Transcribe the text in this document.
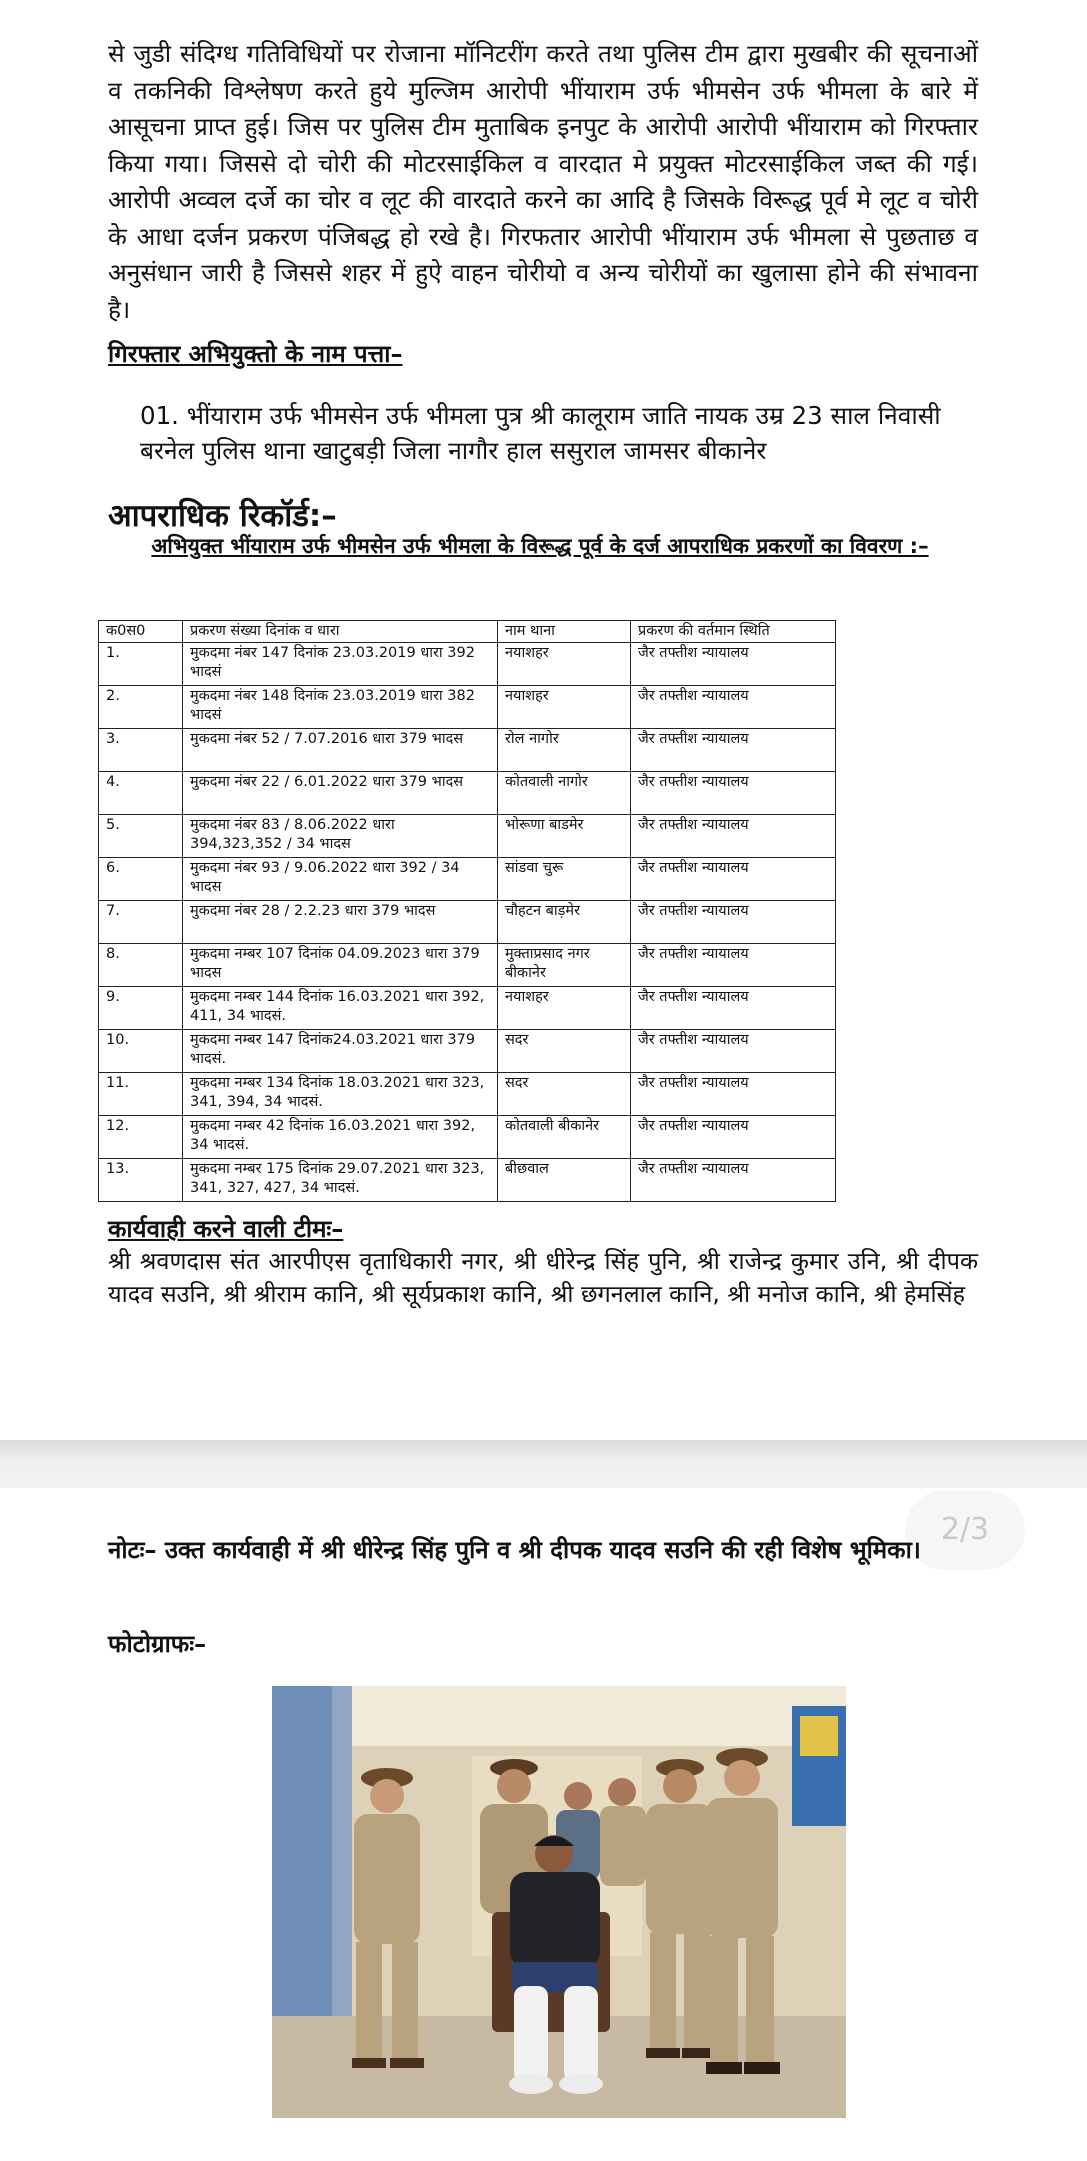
से जुडी संदिग्ध गतिविधियों पर रोजाना मॉनिटरींग करते तथा पुलिस टीम द्वारा मुखबीर की सूचनाओं व तकनिकी विश्लेषण करते हुये मुल्जिम आरोपी भींयाराम उर्फ भीमसेन उर्फ भीमला के बारे में आसूचना प्राप्त हुई। जिस पर पुलिस टीम मुताबिक इनपुट के आरोपी आरोपी भींयाराम को गिरफ्तार किया गया। जिससे दो चोरी की मोटरसाईकिल व वारदात मे प्रयुक्त मोटरसाईकिल जब्त की गई। आरोपी अव्वल दर्जे का चोर व लूट की वारदाते करने का आदि है जिसके विरूद्ध पूर्व मे लूट व चोरी के आधा दर्जन प्रकरण पंजिबद्ध हो रखे है। गिरफतार आरोपी भींयाराम उर्फ भीमला से पुछताछ व अनुसंधान जारी है जिससे शहर में हुऐ वाहन चोरीयो व अन्य चोरीयों का खुलासा होने की संभावना है।
गिरफ्तार अभियुक्तो के नाम पत्ता–
01. भींयाराम उर्फ भीमसेन उर्फ भीमला पुत्र श्री कालूराम जाति नायक उम्र 23 साल निवासी बरनेल पुलिस थाना खाटुबड़ी जिला नागौर हाल ससुराल जामसर बीकानेर
आपराधिक रिकॉर्ड:–
अभियुक्त भींयाराम उर्फ भीमसेन उर्फ भीमला के विरूद्ध पूर्व के दर्ज आपराधिक प्रकरणों का विवरण :–
क0स0	प्रकरण संख्या दिनांक व धारा	नाम थाना	प्रकरण की वर्तमान स्थिति
1.	मुकदमा नंबर 147 दिनांक 23.03.2019 धारा 392 भादसं	नयाशहर	जैर तफ्तीश न्यायालय
2.	मुकदमा नंबर 148 दिनांक 23.03.2019 धारा 382 भादसं	नयाशहर	जैर तफ्तीश न्यायालय
3.	मुकदमा नंबर 52 / 7.07.2016 धारा 379 भादस	रोल नागोर	जैर तफ्तीश न्यायालय
4.	मुकदमा नंबर 22 / 6.01.2022 धारा 379 भादस	कोतवाली नागोर	जैर तफ्तीश न्यायालय
5.	मुकदमा नंबर 83 / 8.06.2022 धारा 394,323,352 / 34 भादस	भोरूणा बाडमेर	जैर तफ्तीश न्यायालय
6.	मुकदमा नंबर 93 / 9.06.2022 धारा 392 / 34 भादस	सांडवा चुरू	जैर तफ्तीश न्यायालय
7.	मुकदमा नंबर 28 / 2.2.23 धारा 379 भादस	चौहटन बाड़मेर	जैर तफ्तीश न्यायालय
8.	मुकदमा नम्बर 107 दिनांक 04.09.2023 धारा 379 भादस	मुक्ताप्रसाद नगर बीकानेर	जैर तफ्तीश न्यायालय
9.	मुकदमा नम्बर 144 दिनांक 16.03.2021 धारा 392, 411, 34 भादसं.	नयाशहर	जैर तफ्तीश न्यायालय
10.	मुकदमा नम्बर 147 दिनांक24.03.2021 धारा 379 भादसं.	सदर	जैर तफ्तीश न्यायालय
11.	मुकदमा नम्बर 134 दिनांक 18.03.2021 धारा 323, 341, 394, 34 भादसं.	सदर	जैर तफ्तीश न्यायालय
12.	मुकदमा नम्बर 42 दिनांक 16.03.2021 धारा 392, 34 भादसं.	कोतवाली बीकानेर	जैर तफ्तीश न्यायालय
13.	मुकदमा नम्बर 175 दिनांक 29.07.2021 धारा 323, 341, 327, 427, 34 भादसं.	बीछवाल	जैर तफ्तीश न्यायालय
कार्यवाही करने वाली टीमः–
श्री श्रवणदास संत आरपीएस वृताधिकारी नगर, श्री धीरेन्द्र सिंह पुनि, श्री राजेन्द्र कुमार उनि, श्री दीपक यादव सउनि, श्री श्रीराम कानि, श्री सूर्यप्रकाश कानि, श्री छगनलाल कानि, श्री मनोज कानि, श्री हेमसिंह
2/3
नोटः– उक्त कार्यवाही में श्री धीरेन्द्र सिंह पुनि व श्री दीपक यादव सउनि की रही विशेष भूमिका।
फोटोग्राफः–
